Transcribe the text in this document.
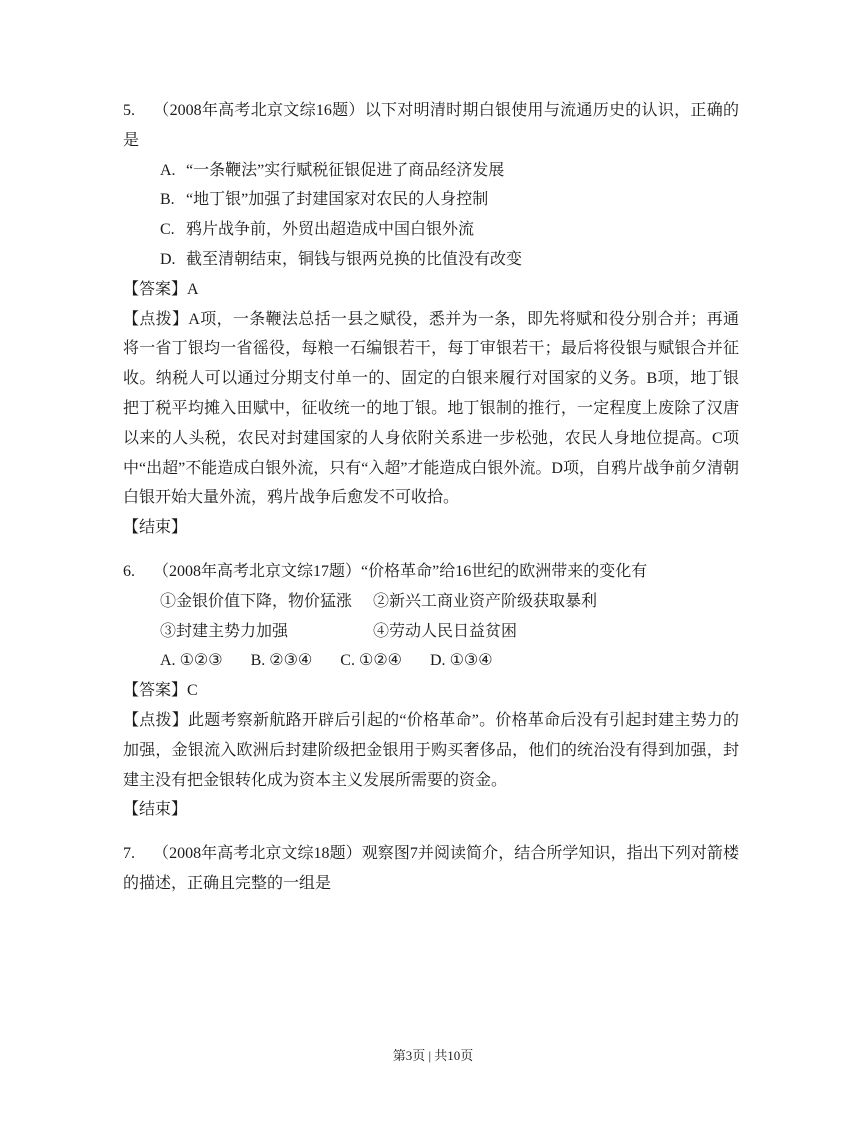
5. （2008年高考北京文综16题）以下对明清时期白银使用与流通历史的认识，正确的是

A. “一条鞭法”实行赋税征银促进了商品经济发展

B. “地丁银”加强了封建国家对农民的人身控制

C. 鸦片战争前，外贸出超造成中国白银外流

D. 截至清朝结束，铜钱与银两兑换的比值没有改变

【答案】A

【点拨】A项，一条鞭法总括一县之赋役，悉并为一条，即先将赋和役分别合并；再通将一省丁银均一省徭役，每粮一石编银若干，每丁审银若干；最后将役银与赋银合并征收。纳税人可以通过分期支付单一的、固定的白银来履行对国家的义务。B项，地丁银把丁税平均摊入田赋中，征收统一的地丁银。地丁银制的推行，一定程度上废除了汉唐以来的人头税，农民对封建国家的人身依附关系进一步松弛，农民人身地位提高。C项中“出超”不能造成白银外流，只有“入超”才能造成白银外流。D项，自鸦片战争前夕清朝白银开始大量外流，鸦片战争后愈发不可收拾。

【结束】

6. （2008年高考北京文综17题）“价格革命”给16世纪的欧洲带来的变化有

①金银价值下降，物价猛涨	②新兴工商业资产阶级获取暴利
③封建主势力加强	④劳动人民日益贫困

A. ①②③ B. ②③④ C. ①②④ D. ①③④

【答案】C

【点拨】此题考察新航路开辟后引起的“价格革命”。价格革命后没有引起封建主势力的加强，金银流入欧洲后封建阶级把金银用于购买奢侈品，他们的统治没有得到加强，封建主没有把金银转化成为资本主义发展所需要的资金。

【结束】

7. （2008年高考北京文综18题）观察图7并阅读简介，结合所学知识，指出下列对箭楼的描述，正确且完整的一组是

第3页 | 共10页
